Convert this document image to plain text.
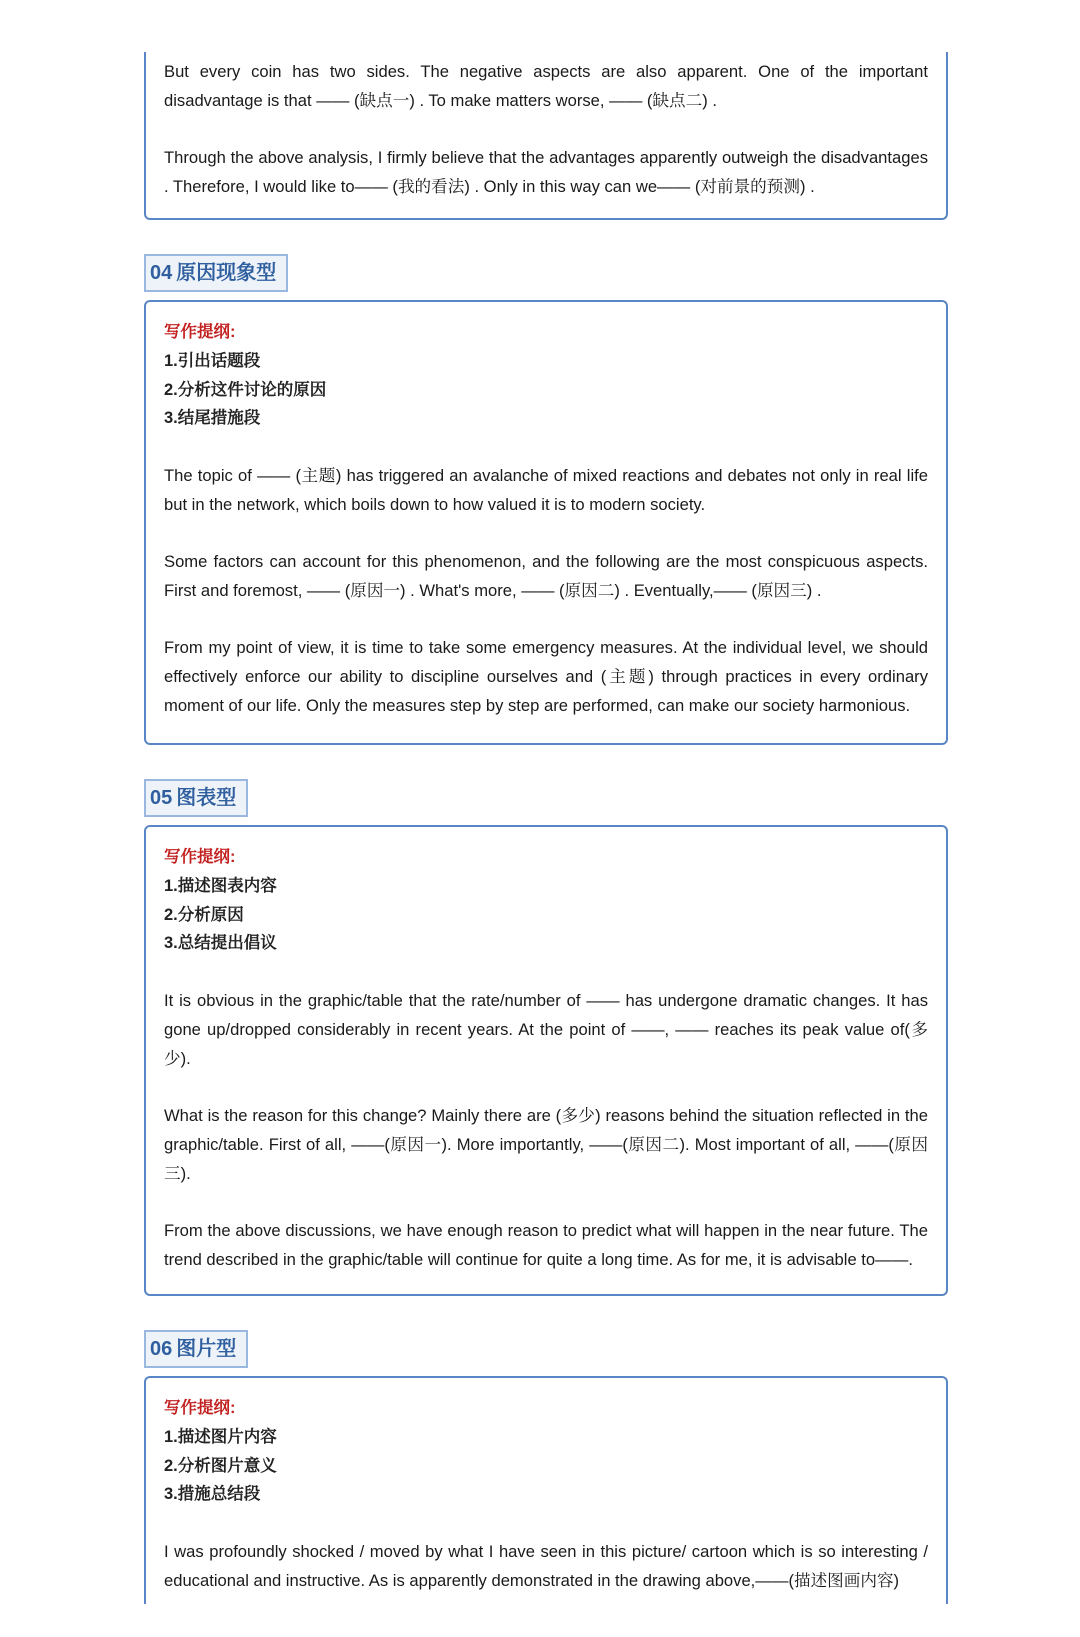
But every coin has two sides. The negative aspects are also apparent. One of the important disadvantage is that —— (缺点一) . To make matters worse, —— (缺点二) .

Through the above analysis, I firmly believe that the advantages apparently outweigh the disadvantages . Therefore, I would like to—— (我的看法) . Only in this way can we—— (对前景的预测) .

04 原因现象型
写作提纲:
1.引出话题段
2.分析这件讨论的原因
3.结尾措施段

The topic of —— (主题) has triggered an avalanche of mixed reactions and debates not only in real life but in the network, which boils down to how valued it is to modern society.

Some factors can account for this phenomenon, and the following are the most conspicuous aspects. First and foremost, —— (原因一) . What's more, —— (原因二) . Eventually,—— (原因三) .

From my point of view, it is time to take some emergency measures. At the individual level, we should effectively enforce our ability to discipline ourselves and (主题) through practices in every ordinary moment of our life. Only the measures step by step are performed, can make our society harmonious.

05 图表型
写作提纲:
1.描述图表内容
2.分析原因
3.总结提出倡议

It is obvious in the graphic/table that the rate/number of —— has undergone dramatic changes. It has gone up/dropped considerably in recent years. At the point of ——, —— reaches its peak value of(多少).

What is the reason for this change? Mainly there are (多少) reasons behind the situation reflected in the graphic/table. First of all, ——(原因一). More importantly, ——(原因二). Most important of all, ——(原因三).

From the above discussions, we have enough reason to predict what will happen in the near future. The trend described in the graphic/table will continue for quite a long time. As for me, it is advisable to——.

06 图片型
写作提纲:
1.描述图片内容
2.分析图片意义
3.措施总结段

I was profoundly shocked / moved by what I have seen in this picture/ cartoon which is so interesting / educational and instructive. As is apparently demonstrated in the drawing above,——(描述图画内容)
